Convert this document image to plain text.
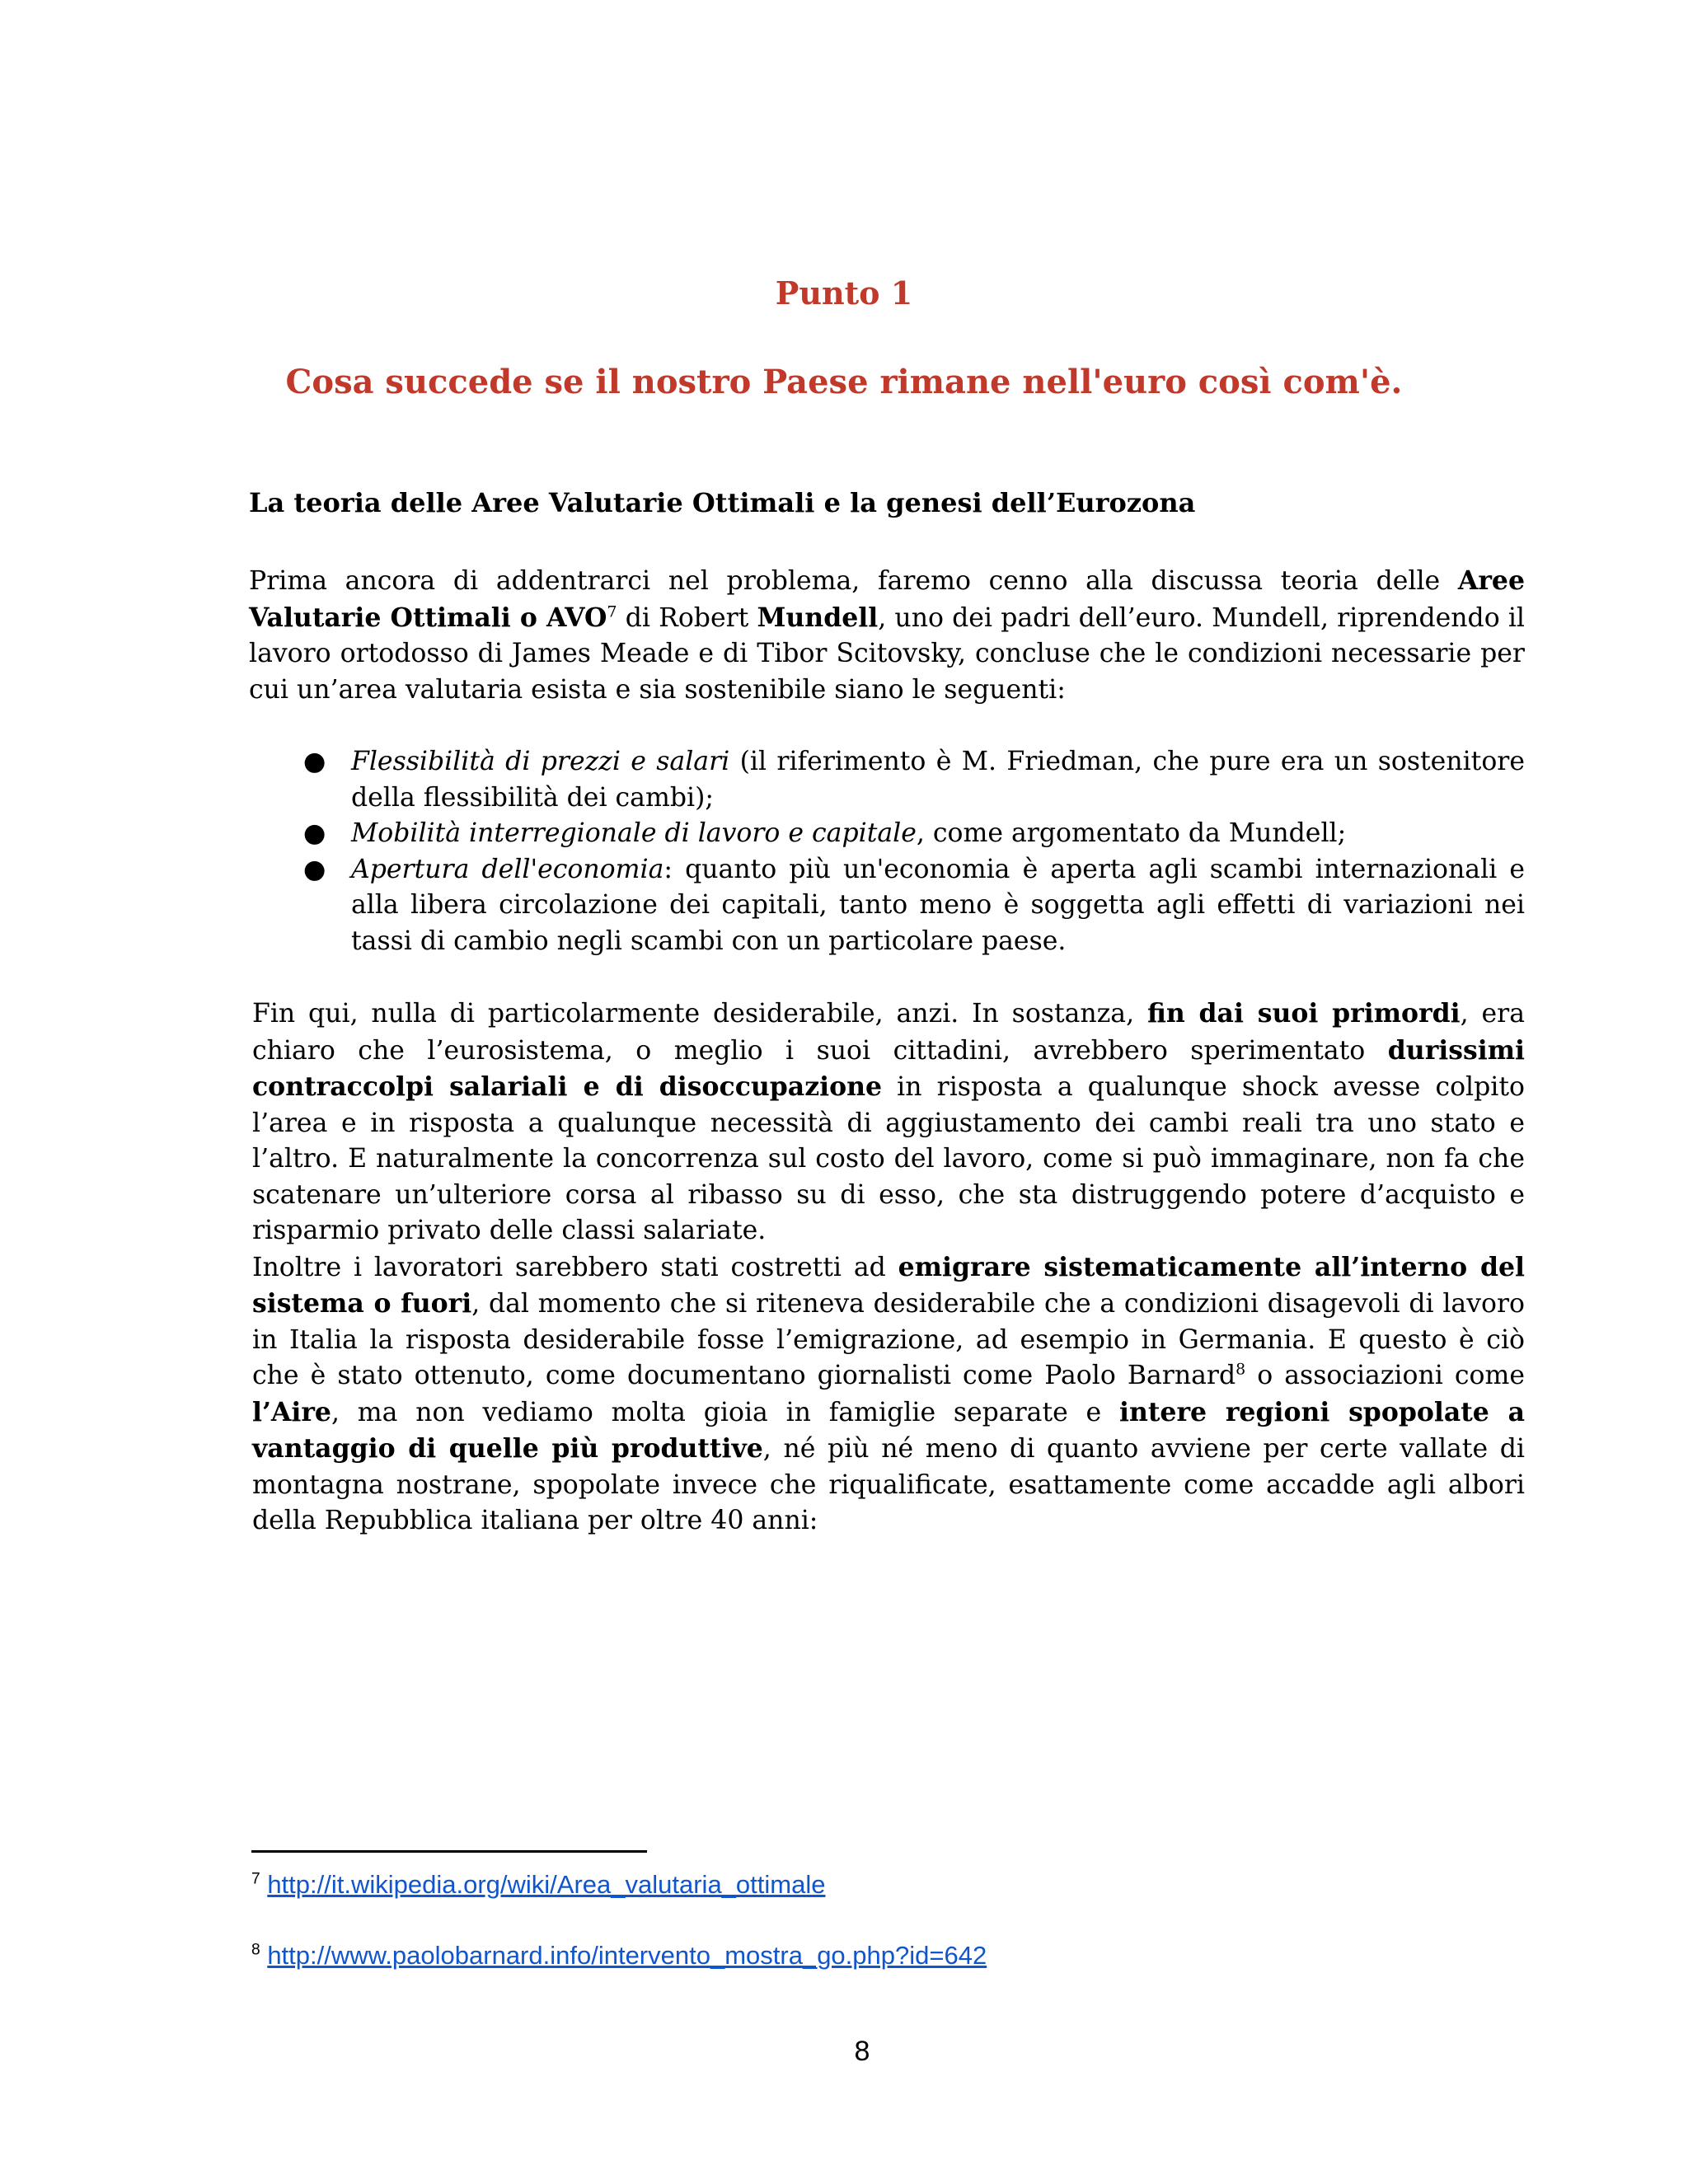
Punto 1
Cosa succede se il nostro Paese rimane nell'euro così com'è.
La teoria delle Aree Valutarie Ottimali e la genesi dell’Eurozona

Prima ancora di addentrarci nel problema, faremo cenno alla discussa teoria delle Aree Valutarie Ottimali o AVO$^7$ di Robert Mundell, uno dei padri dell’euro. Mundell, riprendendo il lavoro ortodosso di James Meade e di Tibor Scitovsky, concluse che le condizioni necessarie per cui un’area valutaria esista e sia sostenibile siano le seguenti:

● Flessibilità di prezzi e salari (il riferimento è M. Friedman, che pure era un sostenitore della flessibilità dei cambi);
● Mobilità interregionale di lavoro e capitale, come argomentato da Mundell;
● Apertura dell'economia: quanto più un'economia è aperta agli scambi internazionali e alla libera circolazione dei capitali, tanto meno è soggetta agli effetti di variazioni nei tassi di cambio negli scambi con un particolare paese.

Fin qui, nulla di particolarmente desiderabile, anzi. In sostanza, fin dai suoi primordi, era chiaro che l’eurosistema, o meglio i suoi cittadini, avrebbero sperimentato durissimi contraccolpi salariali e di disoccupazione in risposta a qualunque shock avesse colpito l’area e in risposta a qualunque necessità di aggiustamento dei cambi reali tra uno stato e l’altro. E naturalmente la concorrenza sul costo del lavoro, come si può immaginare, non fa che scatenare un’ulteriore corsa al ribasso su di esso, che sta distruggendo potere d’acquisto e risparmio privato delle classi salariate.

Inoltre i lavoratori sarebbero stati costretti ad emigrare sistematicamente all’interno del sistema o fuori, dal momento che si riteneva desiderabile che a condizioni disagevoli di lavoro in Italia la risposta desiderabile fosse l’emigrazione, ad esempio in Germania. E questo è ciò che è stato ottenuto, come documentano giornalisti come Paolo Barnard$^8$ o associazioni come l’Aire, ma non vediamo molta gioia in famiglie separate e intere regioni spopolate a vantaggio di quelle più produttive, né più né meno di quanto avviene per certe vallate di montagna nostrane, spopolate invece che riqualificate, esattamente come accadde agli albori della Repubblica italiana per oltre 40 anni:

$^7$ http://it.wikipedia.org/wiki/Area_valutaria_ottimale
$^8$ http://www.paolobarnard.info/intervento_mostra_go.php?id=642
8
